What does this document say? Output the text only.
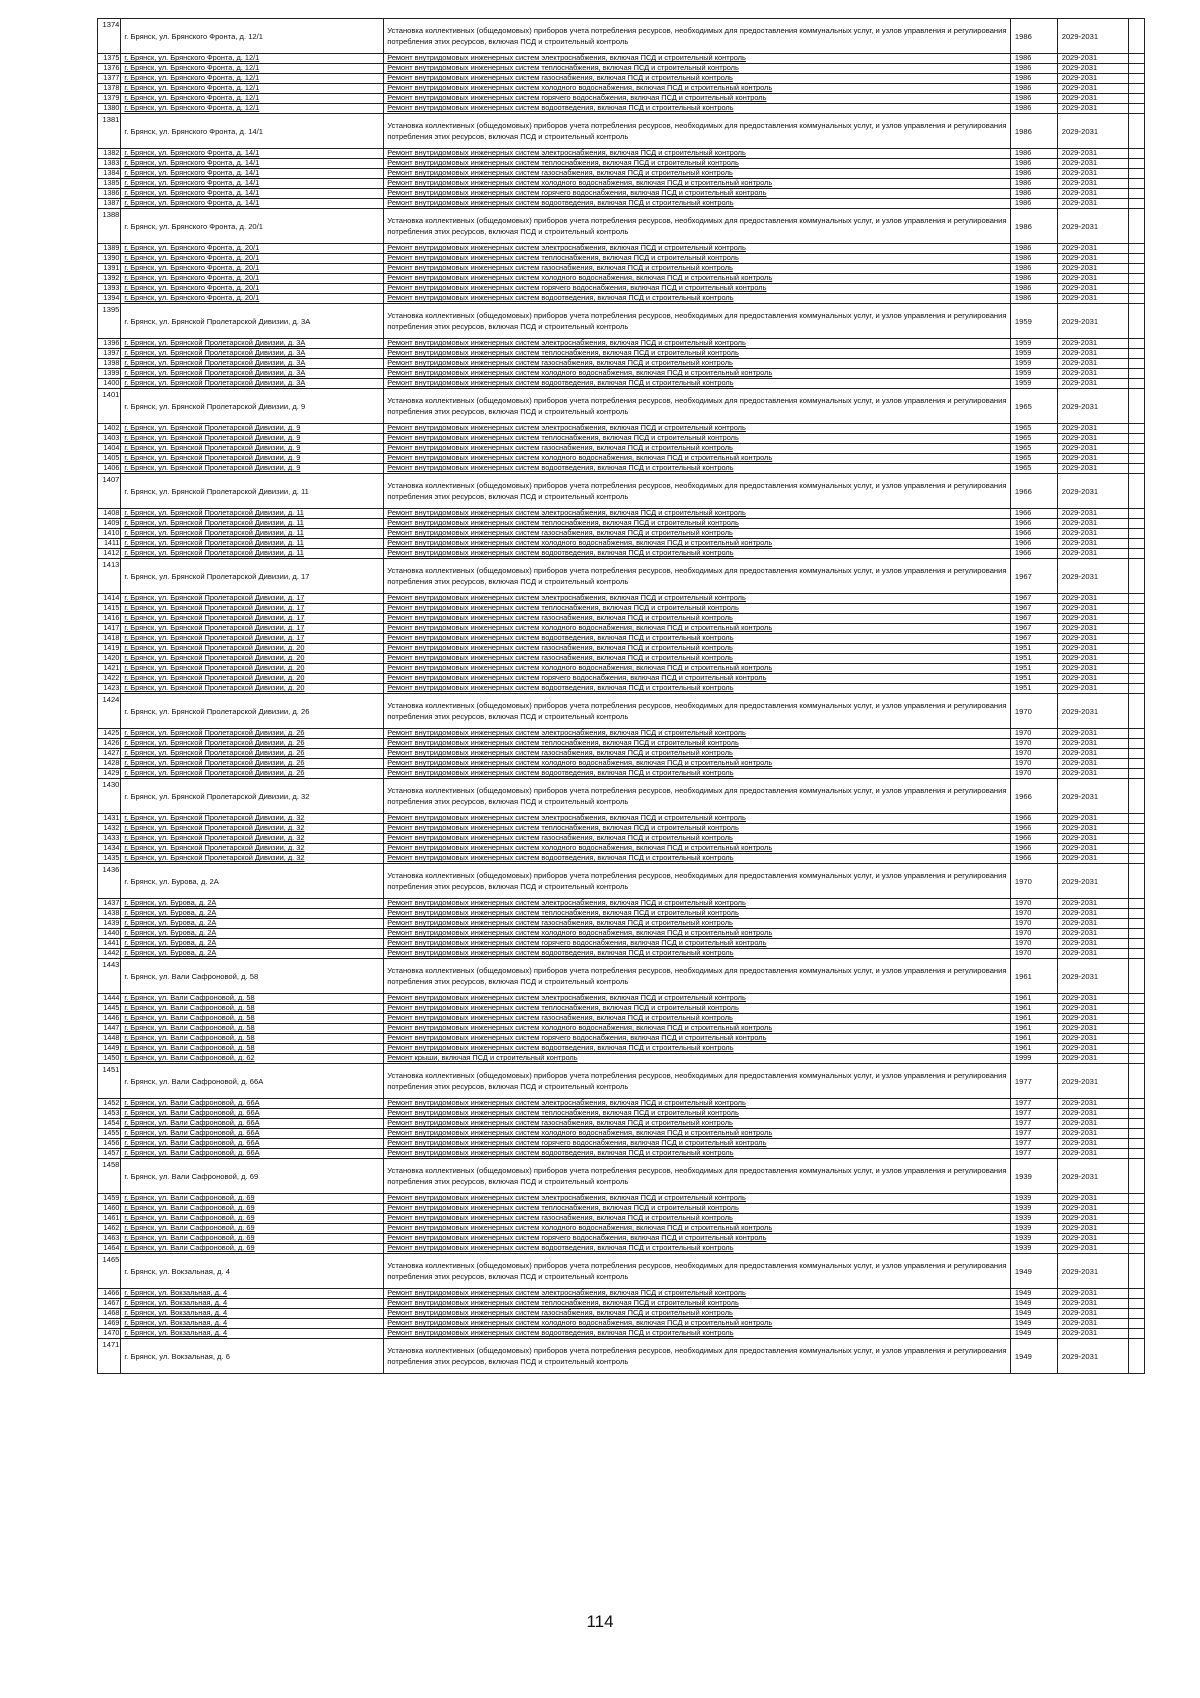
1374	г. Брянск, ул. Брянского Фронта, д. 12/1	Установка коллективных (общедомовых) приборов учета потребления ресурсов, необходимых для предоставления коммунальных услуг, и узлов управления и регулирования потребления этих ресурсов, включая ПСД и строительный контроль	1986	2029-2031	
1375	г. Брянск, ул. Брянского Фронта, д. 12/1	Ремонт внутридомовых инженерных систем электроснабжения, включая ПСД и строительный контроль	1986	2029-2031	
1376	г. Брянск, ул. Брянского Фронта, д. 12/1	Ремонт внутридомовых инженерных систем теплоснабжения, включая ПСД и строительный контроль	1986	2029-2031	
1377	г. Брянск, ул. Брянского Фронта, д. 12/1	Ремонт внутридомовых инженерных систем газоснабжения, включая ПСД и строительный контроль	1986	2029-2031	
1378	г. Брянск, ул. Брянского Фронта, д. 12/1	Ремонт внутридомовых инженерных систем холодного водоснабжения, включая ПСД и строительный контроль	1986	2029-2031	
1379	г. Брянск, ул. Брянского Фронта, д. 12/1	Ремонт внутридомовых инженерных систем горячего водоснабжения, включая ПСД и строительный контроль	1986	2029-2031	
1380	г. Брянск, ул. Брянского Фронта, д. 12/1	Ремонт внутридомовых инженерных систем водоотведения, включая ПСД и строительный контроль	1986	2029-2031	
1381	г. Брянск, ул. Брянского Фронта, д. 14/1	Установка коллективных (общедомовых) приборов учета потребления ресурсов, необходимых для предоставления коммунальных услуг, и узлов управления и регулирования потребления этих ресурсов, включая ПСД и строительный контроль	1986	2029-2031	
1382	г. Брянск, ул. Брянского Фронта, д. 14/1	Ремонт внутридомовых инженерных систем электроснабжения, включая ПСД и строительный контроль	1986	2029-2031	
1383	г. Брянск, ул. Брянского Фронта, д. 14/1	Ремонт внутридомовых инженерных систем теплоснабжения, включая ПСД и строительный контроль	1986	2029-2031	
1384	г. Брянск, ул. Брянского Фронта, д. 14/1	Ремонт внутридомовых инженерных систем газоснабжения, включая ПСД и строительный контроль	1986	2029-2031	
1385	г. Брянск, ул. Брянского Фронта, д. 14/1	Ремонт внутридомовых инженерных систем холодного водоснабжения, включая ПСД и строительный контроль	1986	2029-2031	
1386	г. Брянск, ул. Брянского Фронта, д. 14/1	Ремонт внутридомовых инженерных систем горячего водоснабжения, включая ПСД и строительный контроль	1986	2029-2031	
1387	г. Брянск, ул. Брянского Фронта, д. 14/1	Ремонт внутридомовых инженерных систем водоотведения, включая ПСД и строительный контроль	1986	2029-2031	
1388	г. Брянск, ул. Брянского Фронта, д. 20/1	Установка коллективных (общедомовых) приборов учета потребления ресурсов, необходимых для предоставления коммунальных услуг, и узлов управления и регулирования потребления этих ресурсов, включая ПСД и строительный контроль	1986	2029-2031	
1389	г. Брянск, ул. Брянского Фронта, д. 20/1	Ремонт внутридомовых инженерных систем электроснабжения, включая ПСД и строительный контроль	1986	2029-2031	
1390	г. Брянск, ул. Брянского Фронта, д. 20/1	Ремонт внутридомовых инженерных систем теплоснабжения, включая ПСД и строительный контроль	1986	2029-2031	
1391	г. Брянск, ул. Брянского Фронта, д. 20/1	Ремонт внутридомовых инженерных систем газоснабжения, включая ПСД и строительный контроль	1986	2029-2031	
1392	г. Брянск, ул. Брянского Фронта, д. 20/1	Ремонт внутридомовых инженерных систем холодного водоснабжения, включая ПСД и строительный контроль	1986	2029-2031	
1393	г. Брянск, ул. Брянского Фронта, д. 20/1	Ремонт внутридомовых инженерных систем горячего водоснабжения, включая ПСД и строительный контроль	1986	2029-2031	
1394	г. Брянск, ул. Брянского Фронта, д. 20/1	Ремонт внутридомовых инженерных систем водоотведения, включая ПСД и строительный контроль	1986	2029-2031	
1395	г. Брянск, ул. Брянской Пролетарской Дивизии, д. 3А	Установка коллективных (общедомовых) приборов учета потребления ресурсов, необходимых для предоставления коммунальных услуг, и узлов управления и регулирования потребления этих ресурсов, включая ПСД и строительный контроль	1959	2029-2031	
1396	г. Брянск, ул. Брянской Пролетарской Дивизии, д. 3А	Ремонт внутридомовых инженерных систем электроснабжения, включая ПСД и строительный контроль	1959	2029-2031	
1397	г. Брянск, ул. Брянской Пролетарской Дивизии, д. 3А	Ремонт внутридомовых инженерных систем теплоснабжения, включая ПСД и строительный контроль	1959	2029-2031	
1398	г. Брянск, ул. Брянской Пролетарской Дивизии, д. 3А	Ремонт внутридомовых инженерных систем газоснабжения, включая ПСД и строительный контроль	1959	2029-2031	
1399	г. Брянск, ул. Брянской Пролетарской Дивизии, д. 3А	Ремонт внутридомовых инженерных систем холодного водоснабжения, включая ПСД и строительный контроль	1959	2029-2031	
1400	г. Брянск, ул. Брянской Пролетарской Дивизии, д. 3А	Ремонт внутридомовых инженерных систем водоотведения, включая ПСД и строительный контроль	1959	2029-2031	
1401	г. Брянск, ул. Брянской Пролетарской Дивизии, д. 9	Установка коллективных (общедомовых) приборов учета потребления ресурсов, необходимых для предоставления коммунальных услуг, и узлов управления и регулирования потребления этих ресурсов, включая ПСД и строительный контроль	1965	2029-2031	
1402	г. Брянск, ул. Брянской Пролетарской Дивизии, д. 9	Ремонт внутридомовых инженерных систем электроснабжения, включая ПСД и строительный контроль	1965	2029-2031	
1403	г. Брянск, ул. Брянской Пролетарской Дивизии, д. 9	Ремонт внутридомовых инженерных систем теплоснабжения, включая ПСД и строительный контроль	1965	2029-2031	
1404	г. Брянск, ул. Брянской Пролетарской Дивизии, д. 9	Ремонт внутридомовых инженерных систем газоснабжения, включая ПСД и строительный контроль	1965	2029-2031	
1405	г. Брянск, ул. Брянской Пролетарской Дивизии, д. 9	Ремонт внутридомовых инженерных систем холодного водоснабжения, включая ПСД и строительный контроль	1965	2029-2031	
1406	г. Брянск, ул. Брянской Пролетарской Дивизии, д. 9	Ремонт внутридомовых инженерных систем водоотведения, включая ПСД и строительный контроль	1965	2029-2031	
1407	г. Брянск, ул. Брянской Пролетарской Дивизии, д. 11	Установка коллективных (общедомовых) приборов учета потребления ресурсов, необходимых для предоставления коммунальных услуг, и узлов управления и регулирования потребления этих ресурсов, включая ПСД и строительный контроль	1966	2029-2031	
1408	г. Брянск, ул. Брянской Пролетарской Дивизии, д. 11	Ремонт внутридомовых инженерных систем электроснабжения, включая ПСД и строительный контроль	1966	2029-2031	
1409	г. Брянск, ул. Брянской Пролетарской Дивизии, д. 11	Ремонт внутридомовых инженерных систем теплоснабжения, включая ПСД и строительный контроль	1966	2029-2031	
1410	г. Брянск, ул. Брянской Пролетарской Дивизии, д. 11	Ремонт внутридомовых инженерных систем газоснабжения, включая ПСД и строительный контроль	1966	2029-2031	
1411	г. Брянск, ул. Брянской Пролетарской Дивизии, д. 11	Ремонт внутридомовых инженерных систем холодного водоснабжения, включая ПСД и строительный контроль	1966	2029-2031	
1412	г. Брянск, ул. Брянской Пролетарской Дивизии, д. 11	Ремонт внутридомовых инженерных систем водоотведения, включая ПСД и строительный контроль	1966	2029-2031	
1413	г. Брянск, ул. Брянской Пролетарской Дивизии, д. 17	Установка коллективных (общедомовых) приборов учета потребления ресурсов, необходимых для предоставления коммунальных услуг, и узлов управления и регулирования потребления этих ресурсов, включая ПСД и строительный контроль	1967	2029-2031	
1414	г. Брянск, ул. Брянской Пролетарской Дивизии, д. 17	Ремонт внутридомовых инженерных систем электроснабжения, включая ПСД и строительный контроль	1967	2029-2031	
1415	г. Брянск, ул. Брянской Пролетарской Дивизии, д. 17	Ремонт внутридомовых инженерных систем теплоснабжения, включая ПСД и строительный контроль	1967	2029-2031	
1416	г. Брянск, ул. Брянской Пролетарской Дивизии, д. 17	Ремонт внутридомовых инженерных систем газоснабжения, включая ПСД и строительный контроль	1967	2029-2031	
1417	г. Брянск, ул. Брянской Пролетарской Дивизии, д. 17	Ремонт внутридомовых инженерных систем холодного водоснабжения, включая ПСД и строительный контроль	1967	2029-2031	
1418	г. Брянск, ул. Брянской Пролетарской Дивизии, д. 17	Ремонт внутридомовых инженерных систем водоотведения, включая ПСД и строительный контроль	1967	2029-2031	
1419	г. Брянск, ул. Брянской Пролетарской Дивизии, д. 20	Ремонт внутридомовых инженерных систем газоснабжения, включая ПСД и строительный контроль	1951	2029-2031	
1420	г. Брянск, ул. Брянской Пролетарской Дивизии, д. 20	Ремонт внутридомовых инженерных систем газоснабжения, включая ПСД и строительный контроль	1951	2029-2031	
1421	г. Брянск, ул. Брянской Пролетарской Дивизии, д. 20	Ремонт внутридомовых инженерных систем холодного водоснабжения, включая ПСД и строительный контроль	1951	2029-2031	
1422	г. Брянск, ул. Брянской Пролетарской Дивизии, д. 20	Ремонт внутридомовых инженерных систем горячего водоснабжения, включая ПСД и строительный контроль	1951	2029-2031	
1423	г. Брянск, ул. Брянской Пролетарской Дивизии, д. 20	Ремонт внутридомовых инженерных систем водоотведения, включая ПСД и строительный контроль	1951	2029-2031	
1424	г. Брянск, ул. Брянской Пролетарской Дивизии, д. 26	Установка коллективных (общедомовых) приборов учета потребления ресурсов, необходимых для предоставления коммунальных услуг, и узлов управления и регулирования потребления этих ресурсов, включая ПСД и строительный контроль	1970	2029-2031	
1425	г. Брянск, ул. Брянской Пролетарской Дивизии, д. 26	Ремонт внутридомовых инженерных систем электроснабжения, включая ПСД и строительный контроль	1970	2029-2031	
1426	г. Брянск, ул. Брянской Пролетарской Дивизии, д. 26	Ремонт внутридомовых инженерных систем теплоснабжения, включая ПСД и строительный контроль	1970	2029-2031	
1427	г. Брянск, ул. Брянской Пролетарской Дивизии, д. 26	Ремонт внутридомовых инженерных систем газоснабжения, включая ПСД и строительный контроль	1970	2029-2031	
1428	г. Брянск, ул. Брянской Пролетарской Дивизии, д. 26	Ремонт внутридомовых инженерных систем холодного водоснабжения, включая ПСД и строительный контроль	1970	2029-2031	
1429	г. Брянск, ул. Брянской Пролетарской Дивизии, д. 26	Ремонт внутридомовых инженерных систем водоотведения, включая ПСД и строительный контроль	1970	2029-2031	
1430	г. Брянск, ул. Брянской Пролетарской Дивизии, д. 32	Установка коллективных (общедомовых) приборов учета потребления ресурсов, необходимых для предоставления коммунальных услуг, и узлов управления и регулирования потребления этих ресурсов, включая ПСД и строительный контроль	1966	2029-2031	
1431	г. Брянск, ул. Брянской Пролетарской Дивизии, д. 32	Ремонт внутридомовых инженерных систем электроснабжения, включая ПСД и строительный контроль	1966	2029-2031	
1432	г. Брянск, ул. Брянской Пролетарской Дивизии, д. 32	Ремонт внутридомовых инженерных систем теплоснабжения, включая ПСД и строительный контроль	1966	2029-2031	
1433	г. Брянск, ул. Брянской Пролетарской Дивизии, д. 32	Ремонт внутридомовых инженерных систем газоснабжения, включая ПСД и строительный контроль	1966	2029-2031	
1434	г. Брянск, ул. Брянской Пролетарской Дивизии, д. 32	Ремонт внутридомовых инженерных систем холодного водоснабжения, включая ПСД и строительный контроль	1966	2029-2031	
1435	г. Брянск, ул. Брянской Пролетарской Дивизии, д. 32	Ремонт внутридомовых инженерных систем водоотведения, включая ПСД и строительный контроль	1966	2029-2031	
1436	г. Брянск, ул. Бурова, д. 2А	Установка коллективных (общедомовых) приборов учета потребления ресурсов, необходимых для предоставления коммунальных услуг, и узлов управления и регулирования потребления этих ресурсов, включая ПСД и строительный контроль	1970	2029-2031	
1437	г. Брянск, ул. Бурова, д. 2А	Ремонт внутридомовых инженерных систем электроснабжения, включая ПСД и строительный контроль	1970	2029-2031	
1438	г. Брянск, ул. Бурова, д. 2А	Ремонт внутридомовых инженерных систем теплоснабжения, включая ПСД и строительный контроль	1970	2029-2031	
1439	г. Брянск, ул. Бурова, д. 2А	Ремонт внутридомовых инженерных систем газоснабжения, включая ПСД и строительный контроль	1970	2029-2031	
1440	г. Брянск, ул. Бурова, д. 2А	Ремонт внутридомовых инженерных систем холодного водоснабжения, включая ПСД и строительный контроль	1970	2029-2031	
1441	г. Брянск, ул. Бурова, д. 2А	Ремонт внутридомовых инженерных систем горячего водоснабжения, включая ПСД и строительный контроль	1970	2029-2031	
1442	г. Брянск, ул. Бурова, д. 2А	Ремонт внутридомовых инженерных систем водоотведения, включая ПСД и строительный контроль	1970	2029-2031	
1443	г. Брянск, ул. Вали Сафроновой, д. 58	Установка коллективных (общедомовых) приборов учета потребления ресурсов, необходимых для предоставления коммунальных услуг, и узлов управления и регулирования потребления этих ресурсов, включая ПСД и строительный контроль	1961	2029-2031	
1444	г. Брянск, ул. Вали Сафроновой, д. 58	Ремонт внутридомовых инженерных систем электроснабжения, включая ПСД и строительный контроль	1961	2029-2031	
1445	г. Брянск, ул. Вали Сафроновой, д. 58	Ремонт внутридомовых инженерных систем теплоснабжения, включая ПСД и строительный контроль	1961	2029-2031	
1446	г. Брянск, ул. Вали Сафроновой, д. 58	Ремонт внутридомовых инженерных систем газоснабжения, включая ПСД и строительный контроль	1961	2029-2031	
1447	г. Брянск, ул. Вали Сафроновой, д. 58	Ремонт внутридомовых инженерных систем холодного водоснабжения, включая ПСД и строительный контроль	1961	2029-2031	
1448	г. Брянск, ул. Вали Сафроновой, д. 58	Ремонт внутридомовых инженерных систем горячего водоснабжения, включая ПСД и строительный контроль	1961	2029-2031	
1449	г. Брянск, ул. Вали Сафроновой, д. 58	Ремонт внутридомовых инженерных систем водоотведения, включая ПСД и строительный контроль	1961	2029-2031	
1450	г. Брянск, ул. Вали Сафроновой, д. 62	Ремонт крыши, включая ПСД и строительный контроль	1999	2029-2031	
1451	г. Брянск, ул. Вали Сафроновой, д. 66А	Установка коллективных (общедомовых) приборов учета потребления ресурсов, необходимых для предоставления коммунальных услуг, и узлов управления и регулирования потребления этих ресурсов, включая ПСД и строительный контроль	1977	2029-2031	
1452	г. Брянск, ул. Вали Сафроновой, д. 66А	Ремонт внутридомовых инженерных систем электроснабжения, включая ПСД и строительный контроль	1977	2029-2031	
1453	г. Брянск, ул. Вали Сафроновой, д. 66А	Ремонт внутридомовых инженерных систем теплоснабжения, включая ПСД и строительный контроль	1977	2029-2031	
1454	г. Брянск, ул. Вали Сафроновой, д. 66А	Ремонт внутридомовых инженерных систем газоснабжения, включая ПСД и строительный контроль	1977	2029-2031	
1455	г. Брянск, ул. Вали Сафроновой, д. 66А	Ремонт внутридомовых инженерных систем холодного водоснабжения, включая ПСД и строительный контроль	1977	2029-2031	
1456	г. Брянск, ул. Вали Сафроновой, д. 66А	Ремонт внутридомовых инженерных систем горячего водоснабжения, включая ПСД и строительный контроль	1977	2029-2031	
1457	г. Брянск, ул. Вали Сафроновой, д. 66А	Ремонт внутридомовых инженерных систем водоотведения, включая ПСД и строительный контроль	1977	2029-2031	
1458	г. Брянск, ул. Вали Сафроновой, д. 69	Установка коллективных (общедомовых) приборов учета потребления ресурсов, необходимых для предоставления коммунальных услуг, и узлов управления и регулирования потребления этих ресурсов, включая ПСД и строительный контроль	1939	2029-2031	
1459	г. Брянск, ул. Вали Сафроновой, д. 69	Ремонт внутридомовых инженерных систем электроснабжения, включая ПСД и строительный контроль	1939	2029-2031	
1460	г. Брянск, ул. Вали Сафроновой, д. 69	Ремонт внутридомовых инженерных систем теплоснабжения, включая ПСД и строительный контроль	1939	2029-2031	
1461	г. Брянск, ул. Вали Сафроновой, д. 69	Ремонт внутридомовых инженерных систем газоснабжения, включая ПСД и строительный контроль	1939	2029-2031	
1462	г. Брянск, ул. Вали Сафроновой, д. 69	Ремонт внутридомовых инженерных систем холодного водоснабжения, включая ПСД и строительный контроль	1939	2029-2031	
1463	г. Брянск, ул. Вали Сафроновой, д. 69	Ремонт внутридомовых инженерных систем горячего водоснабжения, включая ПСД и строительный контроль	1939	2029-2031	
1464	г. Брянск, ул. Вали Сафроновой, д. 69	Ремонт внутридомовых инженерных систем водоотведения, включая ПСД и строительный контроль	1939	2029-2031	
1465	г. Брянск, ул. Вокзальная, д. 4	Установка коллективных (общедомовых) приборов учета потребления ресурсов, необходимых для предоставления коммунальных услуг, и узлов управления и регулирования потребления этих ресурсов, включая ПСД и строительный контроль	1949	2029-2031	
1466	г. Брянск, ул. Вокзальная, д. 4	Ремонт внутридомовых инженерных систем электроснабжения, включая ПСД и строительный контроль	1949	2029-2031	
1467	г. Брянск, ул. Вокзальная, д. 4	Ремонт внутридомовых инженерных систем теплоснабжения, включая ПСД и строительный контроль	1949	2029-2031	
1468	г. Брянск, ул. Вокзальная, д. 4	Ремонт внутридомовых инженерных систем газоснабжения, включая ПСД и строительный контроль	1949	2029-2031	
1469	г. Брянск, ул. Вокзальная, д. 4	Ремонт внутридомовых инженерных систем холодного водоснабжения, включая ПСД и строительный контроль	1949	2029-2031	
1470	г. Брянск, ул. Вокзальная, д. 4	Ремонт внутридомовых инженерных систем водоотведения, включая ПСД и строительный контроль	1949	2029-2031	
1471	г. Брянск, ул. Вокзальная, д. 6	Установка коллективных (общедомовых) приборов учета потребления ресурсов, необходимых для предоставления коммунальных услуг, и узлов управления и регулирования потребления этих ресурсов, включая ПСД и строительный контроль	1949	2029-2031	
114
